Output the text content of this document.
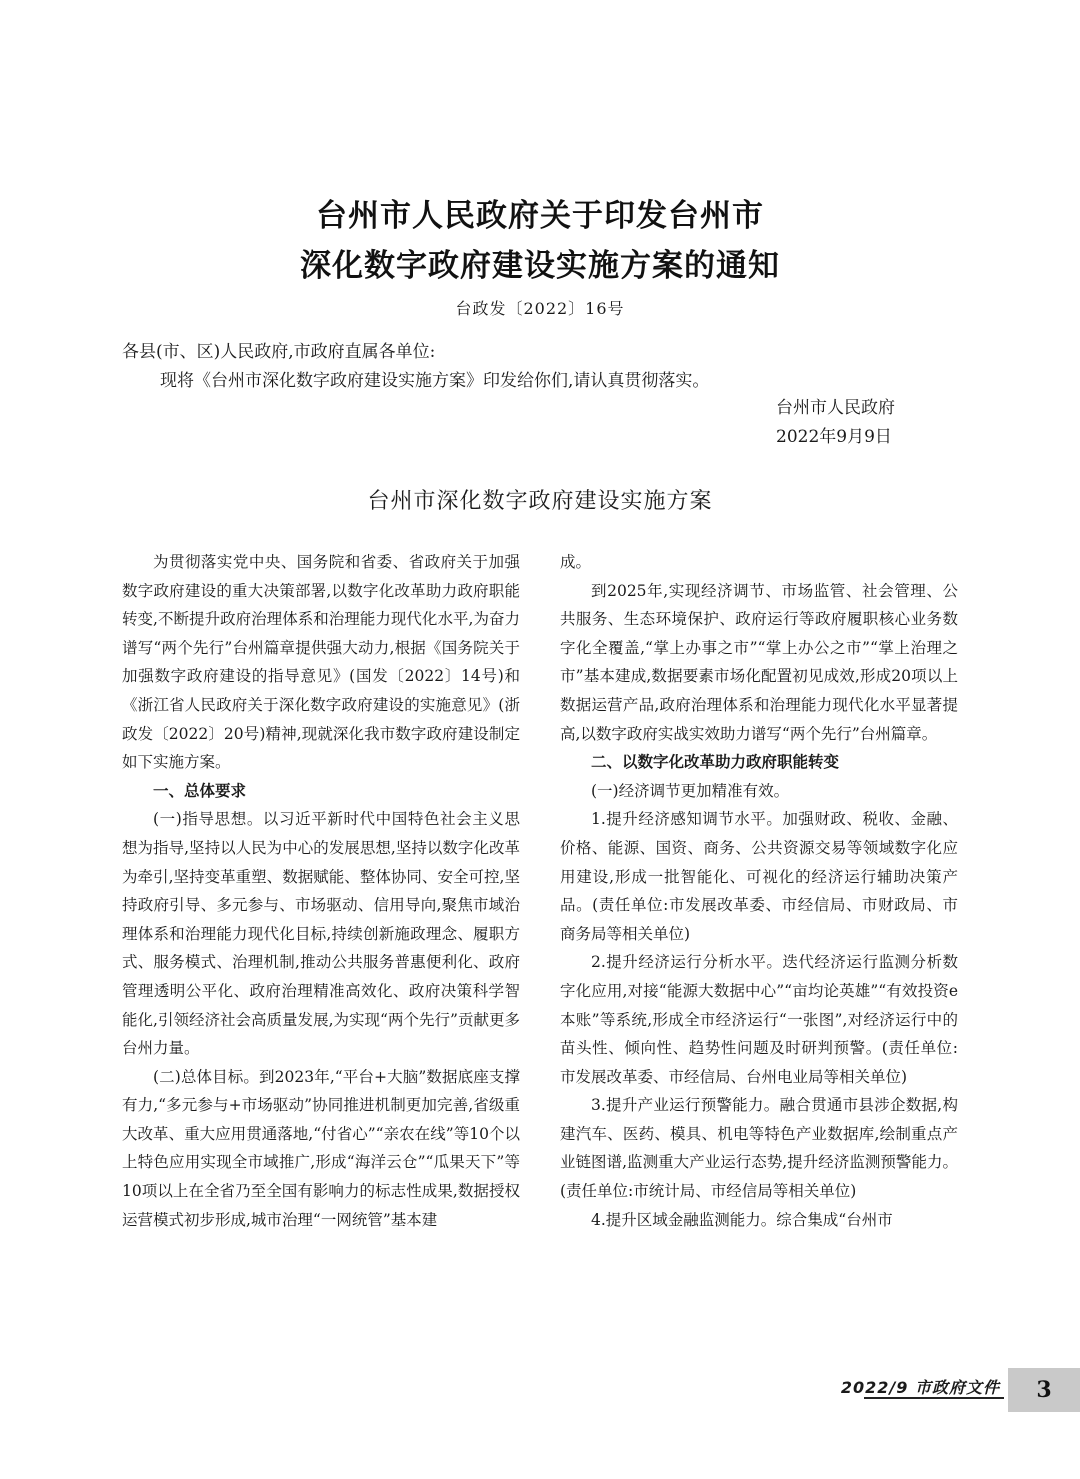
台州市人民政府关于印发台州市
深化数字政府建设实施方案的通知
台政发〔2022〕16号
各县(市、区)人民政府,市政府直属各单位:
现将《台州市深化数字政府建设实施方案》印发给你们,请认真贯彻落实。
台州市人民政府
2022年9月9日
台州市深化数字政府建设实施方案

为贯彻落实党中央、国务院和省委、省政府关于加强数字政府建设的重大决策部署,以数字化改革助力政府职能转变,不断提升政府治理体系和治理能力现代化水平,为奋力谱写“两个先行”台州篇章提供强大动力,根据《国务院关于加强数字政府建设的指导意见》(国发〔2022〕14号)和《浙江省人民政府关于深化数字政府建设的实施意见》(浙政发〔2022〕20号)精神,现就深化我市数字政府建设制定如下实施方案。

一、总体要求

(一)指导思想。以习近平新时代中国特色社会主义思想为指导,坚持以人民为中心的发展思想,坚持以数字化改革为牵引,坚持变革重塑、数据赋能、整体协同、安全可控,坚持政府引导、多元参与、市场驱动、信用导向,聚焦市域治理体系和治理能力现代化目标,持续创新施政理念、履职方式、服务模式、治理机制,推动公共服务普惠便利化、政府管理透明公平化、政府治理精准高效化、政府决策科学智能化,引领经济社会高质量发展,为实现“两个先行”贡献更多台州力量。

(二)总体目标。到2023年,“平台+大脑”数据底座支撑有力,“多元参与+市场驱动”协同推进机制更加完善,省级重大改革、重大应用贯通落地,“付省心”“亲农在线”等10个以上特色应用实现全市域推广,形成“海洋云仓”“瓜果天下”等10项以上在全省乃至全国有影响力的标志性成果,数据授权运营模式初步形成,城市治理“一网统管”基本建

成。

到2025年,实现经济调节、市场监管、社会管理、公共服务、生态环境保护、政府运行等政府履职核心业务数字化全覆盖,“掌上办事之市”“掌上办公之市”“掌上治理之市”基本建成,数据要素市场化配置初见成效,形成20项以上数据运营产品,政府治理体系和治理能力现代化水平显著提高,以数字政府实战实效助力谱写“两个先行”台州篇章。

二、以数字化改革助力政府职能转变

(一)经济调节更加精准有效。

1.提升经济感知调节水平。加强财政、税收、金融、价格、能源、国资、商务、公共资源交易等领域数字化应用建设,形成一批智能化、可视化的经济运行辅助决策产品。(责任单位:市发展改革委、市经信局、市财政局、市商务局等相关单位)

2.提升经济运行分析水平。迭代经济运行监测分析数字化应用,对接“能源大数据中心”“亩均论英雄”“有效投资e本账”等系统,形成全市经济运行“一张图”,对经济运行中的苗头性、倾向性、趋势性问题及时研判预警。(责任单位:市发展改革委、市经信局、台州电业局等相关单位)

3.提升产业运行预警能力。融合贯通市县涉企数据,构建汽车、医药、模具、机电等特色产业数据库,绘制重点产业链图谱,监测重大产业运行态势,提升经济监测预警能力。(责任单位:市统计局、市经信局等相关单位)

4.提升区域金融监测能力。综合集成“台州市

2022/9 市政府文件	3
